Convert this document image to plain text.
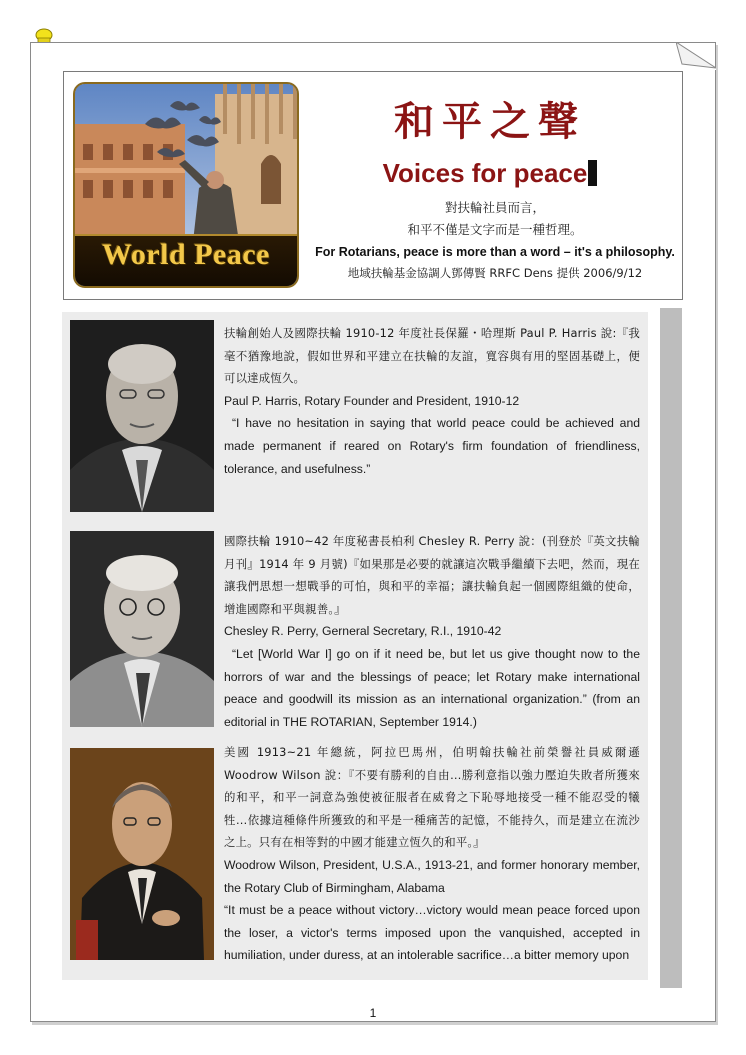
World Peace
和平之聲
Voices for peace
對扶輪社員而言，
和平不僅是文字而是一種哲理。
For Rotarians, peace is more than a word – it's a philosophy.
地域扶輪基金協調人鄧傳賢 RRFC Dens 提供 2006/9/12

扶輪創始人及國際扶輪 1910-12 年度社長保羅・哈理斯 Paul P. Harris 說:『我毫不猶豫地說，假如世界和平建立在扶輪的友誼，寬容與有用的堅固基礎上，便可以達成恆久。

Paul P. Harris, Rotary Founder and President, 1910-12

“I have no hesitation in saying that world peace could be achieved and made permanent if reared on Rotary's firm foundation of friendliness, tolerance, and usefulness.”

國際扶輪 1910~42 年度秘書長柏利 Chesley R. Perry 說：(刊登於『英文扶輪月刊』1914 年 9 月號)『如果那是必要的就讓這次戰爭繼續下去吧，然而，現在讓我們思想一想戰爭的可怕，與和平的幸福；讓扶輪負起一個國際組織的使命，增進國際和平與親善。』

Chesley R. Perry, Gerneral Secretary, R.I., 1910-42

“Let [World War I] go on if it need be, but let us give thought now to the horrors of war and the blessings of peace; let Rotary make international peace and goodwill its mission as an international organization.” (from an editorial in THE ROTARIAN, September 1914.)

美國 1913~21 年總統，阿拉巴馬州，伯明翰扶輪社前榮譽社員威爾遜 Woodrow Wilson 說：『不要有勝利的自由…勝利意指以強力壓迫失敗者所獲來的和平，和平一詞意為強使被征服者在威脅之下恥辱地接受一種不能忍受的犧牲…依據這種條件所獲致的和平是一種痛苦的記憶，不能持久，而是建立在流沙之上。只有在相等對的中國才能建立恆久的和平。』

Woodrow Wilson, President, U.S.A., 1913-21, and former honorary member, the Rotary Club of Birmingham, Alabama

“It must be a peace without victory…victory would mean peace forced upon the loser, a victor's terms imposed upon the vanquished, accepted in humiliation, under duress, at an intolerable sacrifice…a bitter memory upon

1
